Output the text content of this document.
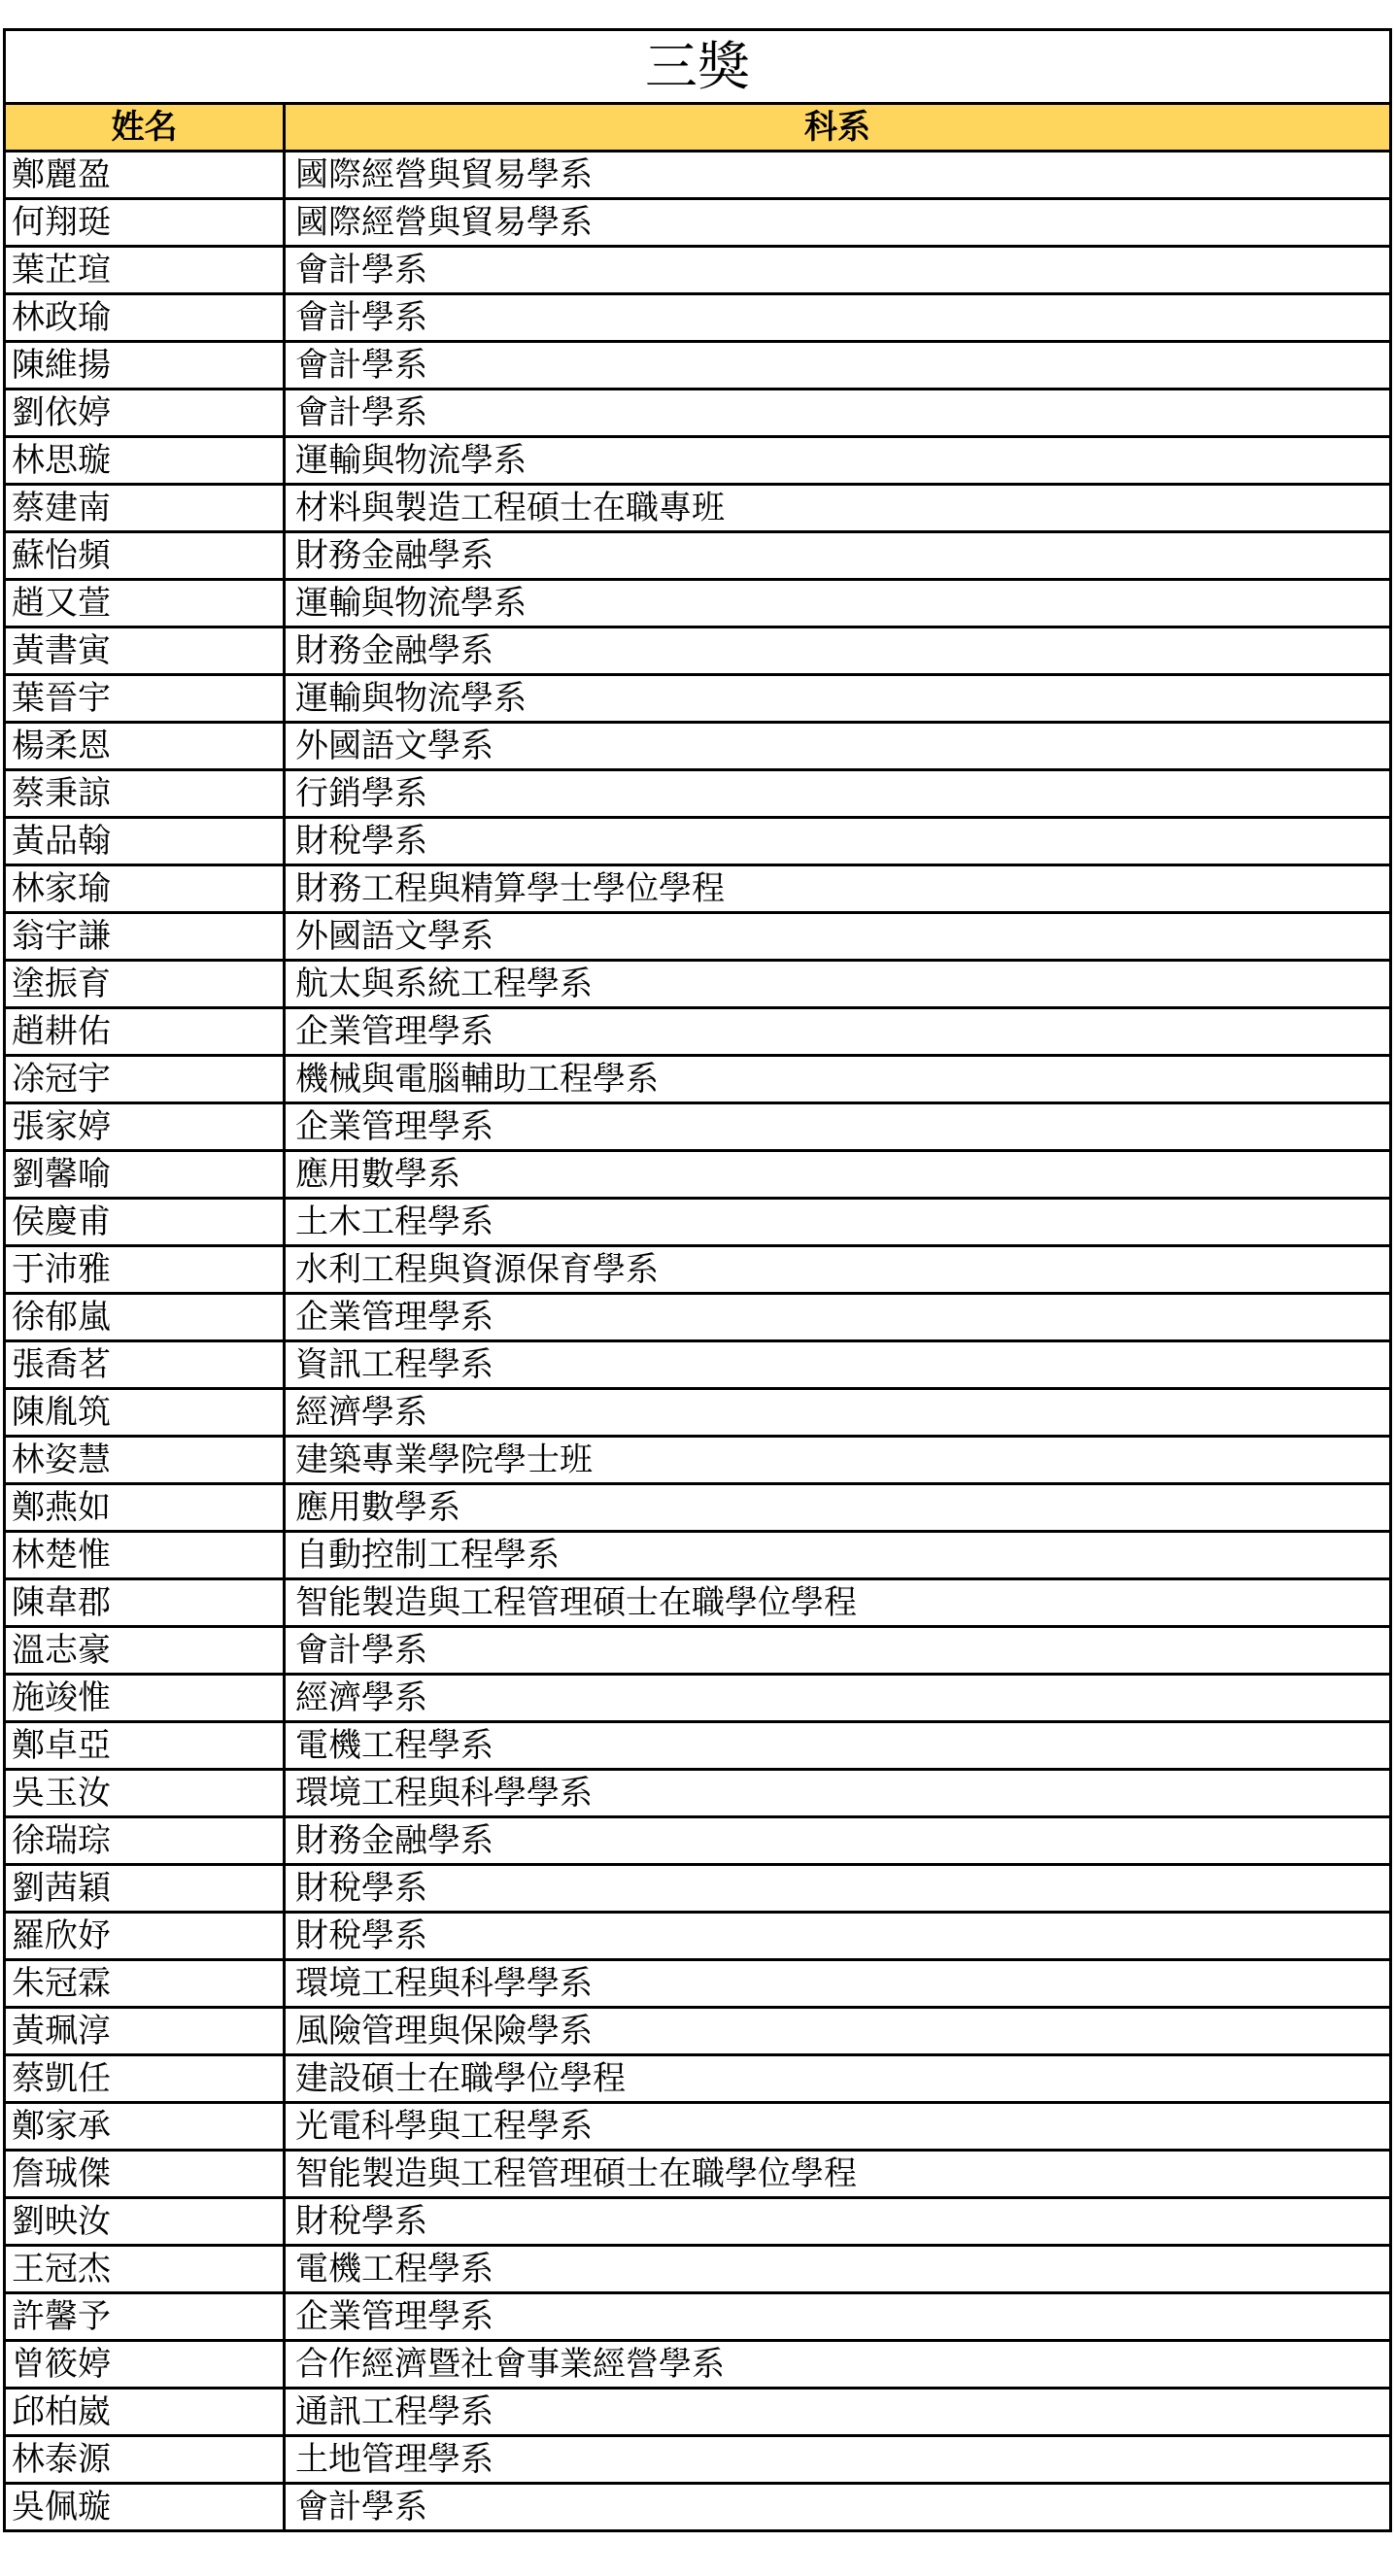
三獎
姓名	科系
鄭麗盈	國際經營與貿易學系
何翔珽	國際經營與貿易學系
葉芷瑄	會計學系
林政瑜	會計學系
陳維揚	會計學系
劉依婷	會計學系
林思璇	運輸與物流學系
蔡建南	材料與製造工程碩士在職專班
蘇怡頻	財務金融學系
趙又萱	運輸與物流學系
黃書寅	財務金融學系
葉晉宇	運輸與物流學系
楊柔恩	外國語文學系
蔡秉諒	行銷學系
黃品翰	財稅學系
林家瑜	財務工程與精算學士學位學程
翁宇謙	外國語文學系
塗振育	航太與系統工程學系
趙耕佑	企業管理學系
凃冠宇	機械與電腦輔助工程學系
張家婷	企業管理學系
劉馨喻	應用數學系
侯慶甫	土木工程學系
于沛雅	水利工程與資源保育學系
徐郁嵐	企業管理學系
張喬茗	資訊工程學系
陳胤筑	經濟學系
林姿慧	建築專業學院學士班
鄭燕如	應用數學系
林楚惟	自動控制工程學系
陳韋郡	智能製造與工程管理碩士在職學位學程
溫志豪	會計學系
施竣惟	經濟學系
鄭卓亞	電機工程學系
吳玉汝	環境工程與科學學系
徐瑞琮	財務金融學系
劉茜穎	財稅學系
羅欣妤	財稅學系
朱冠霖	環境工程與科學學系
黃珮淳	風險管理與保險學系
蔡凱任	建設碩士在職學位學程
鄭家承	光電科學與工程學系
詹珹傑	智能製造與工程管理碩士在職學位學程
劉映汝	財稅學系
王冠杰	電機工程學系
許馨予	企業管理學系
曾筱婷	合作經濟暨社會事業經營學系
邱柏崴	通訊工程學系
林泰源	土地管理學系
吳佩璇	會計學系
